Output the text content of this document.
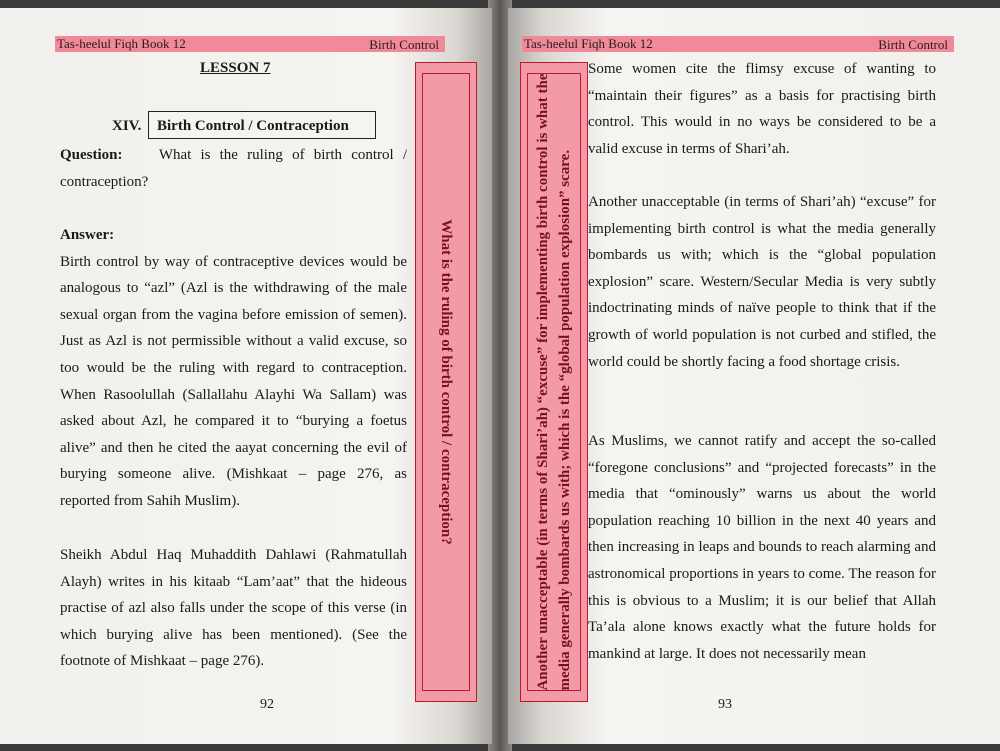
Tas-heelul Fiqh Book 12	Birth Control
LESSON 7
XIV.	Birth Control / Contraception
Question: What is the ruling of birth control / contraception?
Answer:
Birth control by way of contraceptive devices would be analogous to “azl” (Azl is the withdrawing of the male sexual organ from the vagina before emission of semen). Just as Azl is not permissible without a valid excuse, so too would be the ruling with regard to contraception. When Rasoolullah (Sallallahu Alayhi Wa Sallam) was asked about Azl, he compared it to “burying a foetus alive” and then he cited the aayat concerning the evil of burying someone alive. (Mishkaat – page 276, as reported from Sahih Muslim).
Sheikh Abdul Haq Muhaddith Dahlawi (Rahmatullah Alayh) writes in his kitaab “Lam’aat” that the hideous practise of azl also falls under the scope of this verse (in which burying alive has been mentioned). (See the footnote of Mishkaat – page 276).
92
What is the ruling of birth control / contraception?
Tas-heelul Fiqh Book 12	Birth Control
Another unacceptable (in terms of Shari’ah) “excuse” for implementing birth control is what the media generally bombards us with; which is the “global population explosion” scare.
Some women cite the flimsy excuse of wanting to “maintain their figures” as a basis for practising birth control. This would in no ways be considered to be a valid excuse in terms of Shari’ah.
Another unacceptable (in terms of Shari’ah) “excuse” for implementing birth control is what the media generally bombards us with; which is the “global population explosion” scare. Western/Secular Media is very subtly indoctrinating minds of naïve people to think that if the growth of world population is not curbed and stifled, the world could be shortly facing a food shortage crisis.
As Muslims, we cannot ratify and accept the so-called “foregone conclusions” and “projected forecasts” in the media that “ominously” warns us about the world population reaching 10 billion in the next 40 years and then increasing in leaps and bounds to reach alarming and astronomical proportions in years to come. The reason for this is obvious to a Muslim; it is our belief that Allah Ta’ala alone knows exactly what the future holds for mankind at large. It does not necessarily mean
93
